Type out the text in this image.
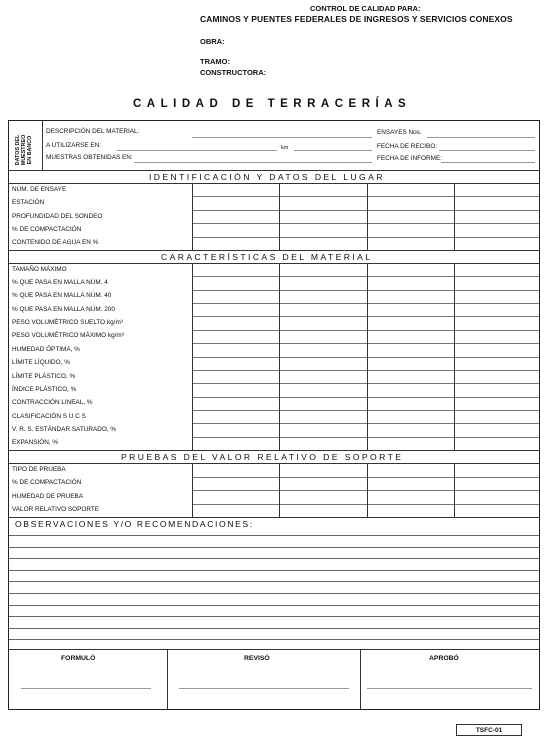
CONTROL DE CALIDAD PARA:
CAMINOS Y PUENTES FEDERALES DE INGRESOS Y SERVICIOS CONEXOS
OBRA:
TRAMO:
CONSTRUCTORA:
CALIDAD DE TERRACERÍAS
DATOS DEL MUESTREO EN BANCO
DESCRIPCIÓN DEL MATERIAL:
A UTILIZARSE EN:
MUESTRAS OBTENIDAS EN:
km
ENSAYES Nos.
FECHA DE RECIBO:
FECHA DE INFORME:
IDENTIFICACIÓN Y DATOS DEL LUGAR
NÚM. DE ENSAYE
ESTACIÓN
PROFUNDIDAD DEL SONDEO
% DE COMPACTACIÓN
CONTENIDO DE AGUA EN %
CARACTERÍSTICAS DEL MATERIAL
TAMAÑO MÁXIMO
% QUE PASA EN MALLA NÚM. 4
% QUE PASA EN MALLA NÚM. 40
% QUE PASA EN MALLA NÚM. 200
PESO VOLUMÉTRICO SUELTO kg/m³
PESO VOLUMÉTRICO MÁXIMO kg/m³
HUMEDAD ÓPTIMA, %
LÍMITE LÍQUIDO, %
LÍMITE PLÁSTICO, %
ÍNDICE PLÁSTICO, %
CONTRACCIÓN LINEAL, %
CLASIFICACIÓN S U C S
V. R. S. ESTÁNDAR SATURADO, %
EXPANSIÓN, %
PRUEBAS DEL VALOR RELATIVO DE SOPORTE
TIPO DE PRUEBA
% DE COMPACTACIÓN
HUMEDAD DE PRUEBA
VALOR RELATIVO SOPORTE
OBSERVACIONES Y/O RECOMENDACIONES:
FORMULÓ	REVISÓ	APROBÓ
TSFC-01
